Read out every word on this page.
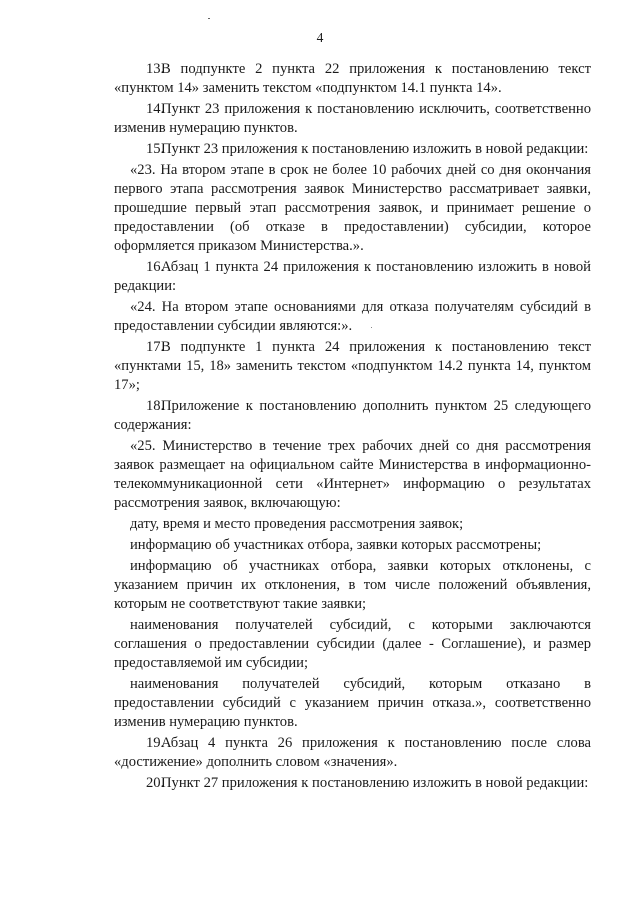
4

13.В подпункте 2 пункта 22 приложения к постановлению текст «пунктом 14» заменить текстом «подпунктом 14.1 пункта 14».

14.Пункт 23 приложения к постановлению исключить, соответственно изменив нумерацию пунктов.

15.Пункт 23 приложения к постановлению изложить в новой редакции:

«23. На втором этапе в срок не более 10 рабочих дней со дня окончания первого этапа рассмотрения заявок Министерство рассматривает заявки, прошедшие первый этап рассмотрения заявок, и принимает решение о предоставлении (об отказе в предоставлении) субсидии, которое оформляется приказом Министерства.».

16.Абзац 1 пункта 24 приложения к постановлению изложить в новой редакции:

«24. На втором этапе основаниями для отказа получателям субсидий в предоставлении субсидии являются:».

17.В подпункте 1 пункта 24 приложения к постановлению текст «пунктами 15, 18» заменить текстом «подпунктом 14.2 пункта 14, пунктом 17»;

18.Приложение к постановлению дополнить пунктом 25 следующего содержания:

«25. Министерство в течение трех рабочих дней со дня рассмотрения заявок размещает на официальном сайте Министерства в информационно-телекоммуникационной сети «Интернет» информацию о результатах рассмотрения заявок, включающую:

дату, время и место проведения рассмотрения заявок;

информацию об участниках отбора, заявки которых рассмотрены;

информацию об участниках отбора, заявки которых отклонены, с указанием причин их отклонения, в том числе положений объявления, которым не соответствуют такие заявки;

наименования получателей субсидий, с которыми заключаются соглашения о предоставлении субсидии (далее - Соглашение), и размер предоставляемой им субсидии;

наименования получателей субсидий, которым отказано в предоставлении субсидий с указанием причин отказа.», соответственно изменив нумерацию пунктов.

19.Абзац 4 пункта 26 приложения к постановлению после слова «достижение» дополнить словом «значения».

20.Пункт 27 приложения к постановлению изложить в новой редакции:
